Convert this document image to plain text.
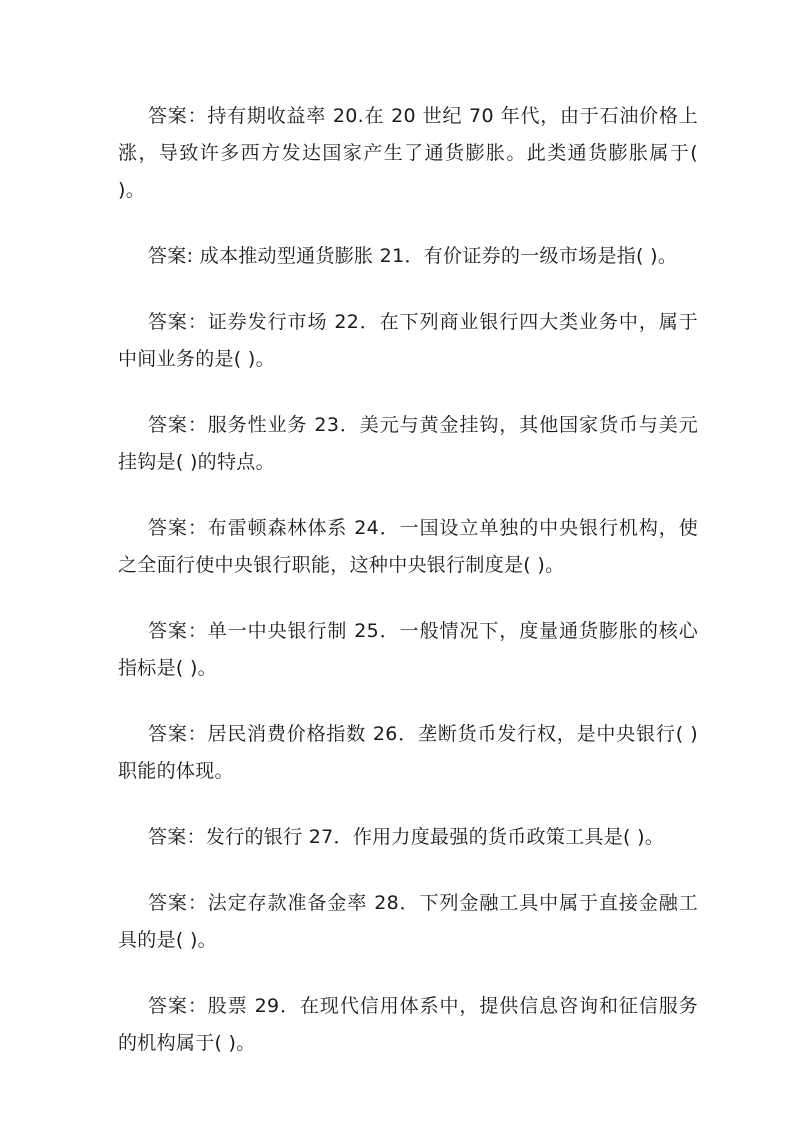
答案：持有期收益率 20.在 20 世纪 70 年代，由于石油价格上涨，导致许多西方发达国家产生了通货膨胀。此类通货膨胀属于( )。

答案: 成本推动型通货膨胀 21．有价证券的一级市场是指( )。

答案：证券发行市场 22．在下列商业银行四大类业务中，属于中间业务的是( )。

答案：服务性业务 23．美元与黄金挂钩，其他国家货币与美元挂钩是( )的特点。

答案：布雷顿森林体系 24．一国设立单独的中央银行机构，使之全面行使中央银行职能，这种中央银行制度是( )。

答案：单一中央银行制 25．一般情况下，度量通货膨胀的核心指标是( )。

答案：居民消费价格指数 26．垄断货币发行权，是中央银行( )职能的体现。

答案：发行的银行 27．作用力度最强的货币政策工具是( )。

答案：法定存款准备金率 28．下列金融工具中属于直接金融工具的是( )。

答案：股票 29．在现代信用体系中，提供信息咨询和征信服务的机构属于( )。
